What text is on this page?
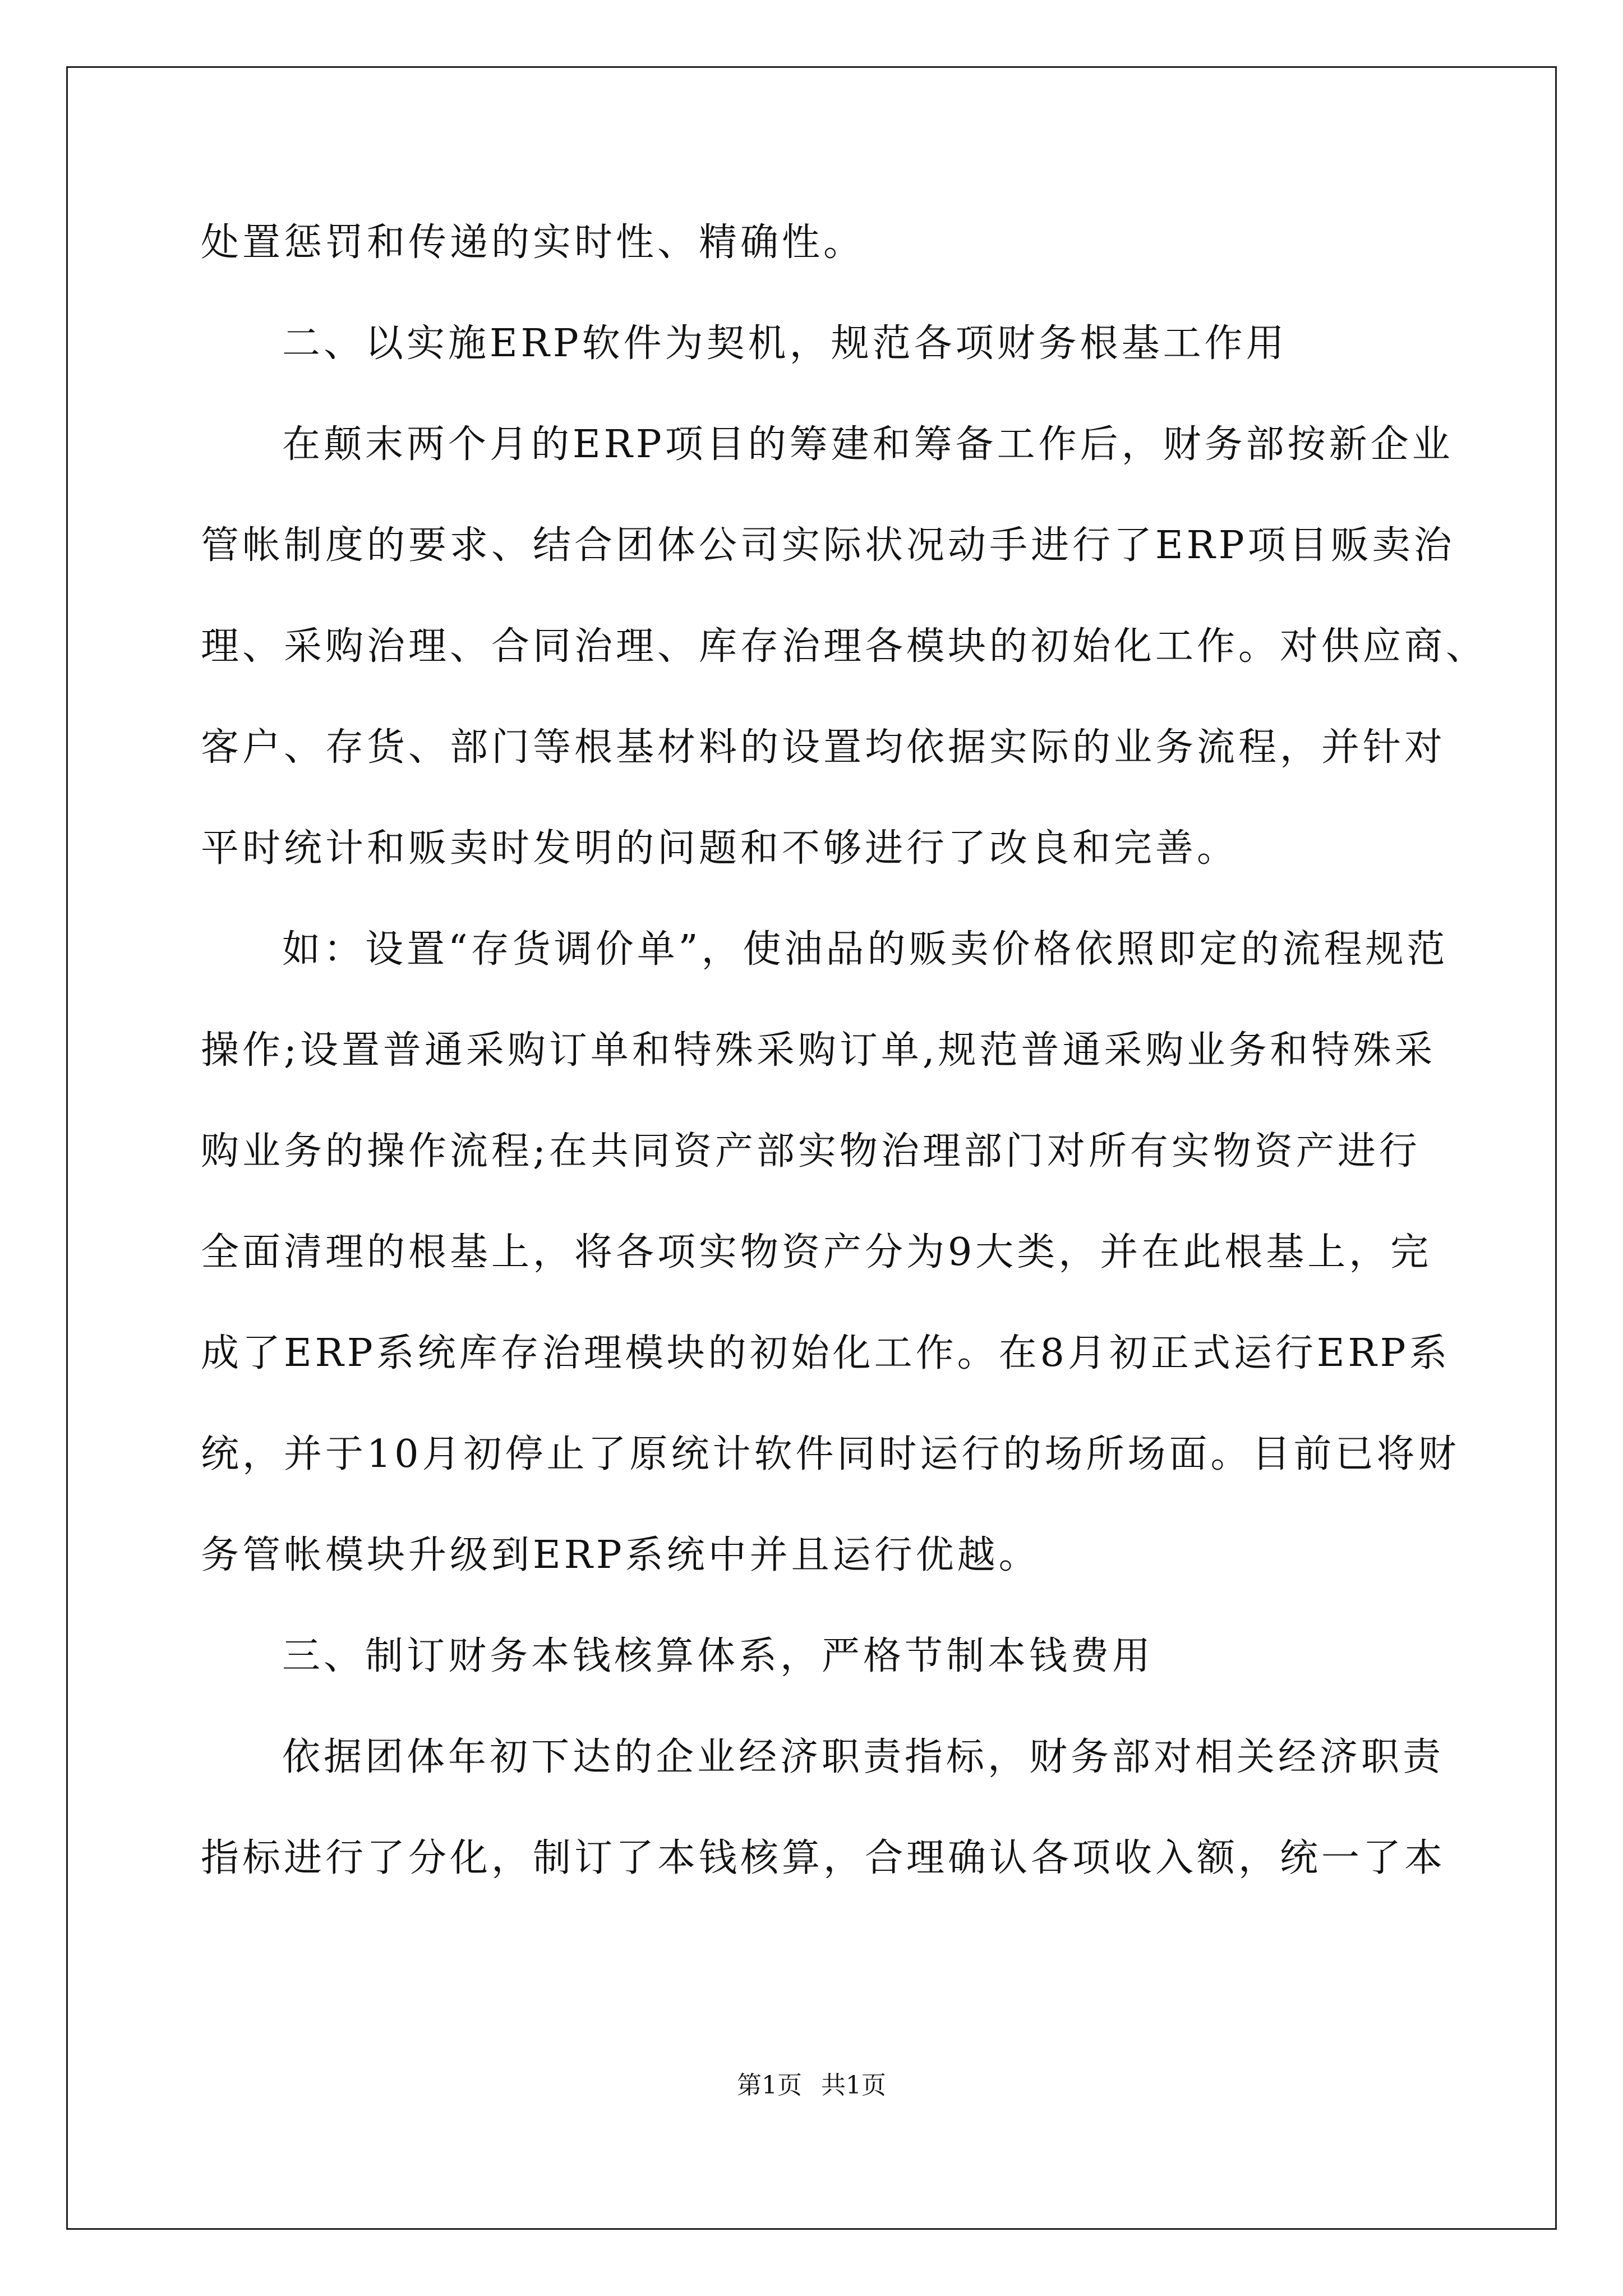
处置惩罚和传递的实时性、精确性。
二、以实施ERP软件为契机，规范各项财务根基工作用
在颠末两个月的ERP项目的筹建和筹备工作后，财务部按新企业
管帐制度的要求、结合团体公司实际状况动手进行了ERP项目贩卖治
理、采购治理、合同治理、库存治理各模块的初始化工作。对供应商、
客户、存货、部门等根基材料的设置均依据实际的业务流程，并针对
平时统计和贩卖时发明的问题和不够进行了改良和完善。
如：设置“存货调价单”，使油品的贩卖价格依照即定的流程规范
操作;设置普通采购订单和特殊采购订单,规范普通采购业务和特殊采
购业务的操作流程;在共同资产部实物治理部门对所有实物资产进行
全面清理的根基上，将各项实物资产分为9大类，并在此根基上，完
成了ERP系统库存治理模块的初始化工作。在8月初正式运行ERP系
统，并于10月初停止了原统计软件同时运行的场所场面。目前已将财
务管帐模块升级到ERP系统中并且运行优越。
三、制订财务本钱核算体系，严格节制本钱费用
依据团体年初下达的企业经济职责指标，财务部对相关经济职责
指标进行了分化，制订了本钱核算，合理确认各项收入额，统一了本
第1页 共1页
